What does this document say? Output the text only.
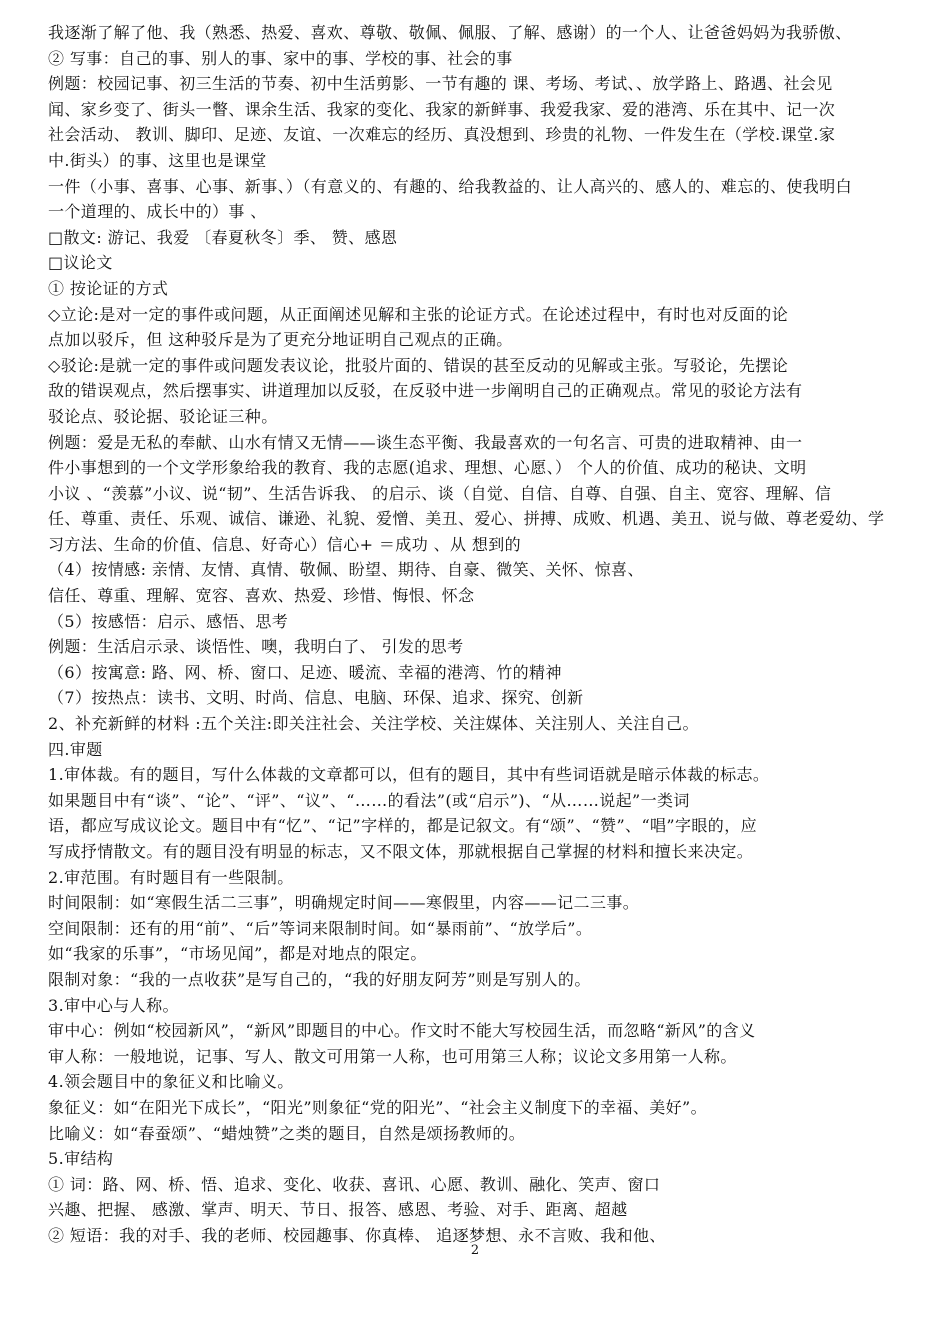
我逐渐了解了他、我（熟悉、热爱、喜欢、尊敬、敬佩、佩服、了解、感谢）的一个人、让爸爸妈妈为我骄傲、
② 写事：自己的事、别人的事、家中的事、学校的事、社会的事
例题：校园记事、初三生活的节奏、初中生活剪影、一节有趣的 课、考场、考试、、放学路上、路遇、社会见
闻、家乡变了、街头一瞥、课余生活、我家的变化、我家的新鲜事、我爱我家、爱的港湾、乐在其中、记一次
社会活动、 教训、脚印、足迹、友谊、一次难忘的经历、真没想到、珍贵的礼物、一件发生在（学校.课堂.家
中.街头）的事、这里也是课堂
一件（小事、喜事、心事、新事、）（有意义的、有趣的、给我教益的、让人高兴的、感人的、难忘的、使我明白
一个道理的、成长中的）事 、
□散文: 游记、我爱 〔春夏秋冬〕季、 赞、感恩
□议论文
① 按论证的方式
◇立论:是对一定的事件或问题，从正面阐述见解和主张的论证方式。在论述过程中，有时也对反面的论
点加以驳斥，但 这种驳斥是为了更充分地证明自己观点的正确。
◇驳论:是就一定的事件或问题发表议论，批驳片面的、错误的甚至反动的见解或主张。写驳论，先摆论
敌的错误观点，然后摆事实、讲道理加以反驳，在反驳中进一步阐明自己的正确观点。常见的驳论方法有
驳论点、驳论据、驳论证三种。
例题：爱是无私的奉献、山水有情又无情——谈生态平衡、我最喜欢的一句名言、可贵的进取精神、由一
件小事想到的一个文学形象给我的教育、我的志愿(追求、理想、心愿、） 个人的价值、成功的秘诀、文明
小议 、“羡慕”小议、说“韧”、生活告诉我、 的启示、谈（自觉、自信、自尊、自强、自主、宽容、理解、信
任、尊重、责任、乐观、诚信、谦逊、礼貌、爱憎、美丑、爱心、拼搏、成败、机遇、美丑、说与做、尊老爱幼、学
习方法、生命的价值、信息、好奇心）信心+ ＝成功 、从 想到的
（4）按情感: 亲情、友情、真情、敬佩、盼望、期待、自豪、微笑、关怀、惊喜、
信任、尊重、理解、宽容、喜欢、热爱、珍惜、悔恨、怀念
（5）按感悟：启示、感悟、思考
例题：生活启示录、谈悟性、噢，我明白了、 引发的思考
（6）按寓意: 路、网、桥、窗口、足迹、暖流、幸福的港湾、竹的精神
（7）按热点：读书、文明、时尚、信息、电脑、环保、追求、探究、创新
2、补充新鲜的材料 :五个关注:即关注社会、关注学校、关注媒体、关注别人、关注自己。
四.审题
1.审体裁。有的题目，写什么体裁的文章都可以，但有的题目，其中有些词语就是暗示体裁的标志。
如果题目中有“谈”、“论”、“评”、“议”、“……的看法”(或“启示”)、“从……说起”一类词
语，都应写成议论文。题目中有“忆”、“记”字样的，都是记叙文。有“颂”、“赞”、“唱”字眼的，应
写成抒情散文。有的题目没有明显的标志，又不限文体，那就根据自己掌握的材料和擅长来决定。
2.审范围。有时题目有一些限制。
时间限制：如“寒假生活二三事”，明确规定时间——寒假里，内容——记二三事。
空间限制：还有的用“前”、“后”等词来限制时间。如“暴雨前”、“放学后”。
如“我家的乐事”，“市场见闻”，都是对地点的限定。
限制对象：“我的一点收获”是写自己的，“我的好朋友阿芳”则是写别人的。
3.审中心与人称。
审中心：例如“校园新风”，“新风”即题目的中心。作文时不能大写校园生活，而忽略“新风”的含义
审人称：一般地说，记事、写人、散文可用第一人称，也可用第三人称；议论文多用第一人称。
4.领会题目中的象征义和比喻义。
象征义：如“在阳光下成长”，“阳光”则象征“党的阳光”、“社会主义制度下的幸福、美好”。
比喻义：如“春蚕颂”、“蜡烛赞”之类的题目，自然是颂扬教师的。
5.审结构
① 词：路、网、桥、悟、追求、变化、收获、喜讯、心愿、教训、融化、笑声、窗口
兴趣、把握、 感激、掌声、明天、节日、报答、感恩、考验、对手、距离、超越
② 短语：我的对手、我的老师、校园趣事、你真棒、 追逐梦想、永不言败、我和他、
2
